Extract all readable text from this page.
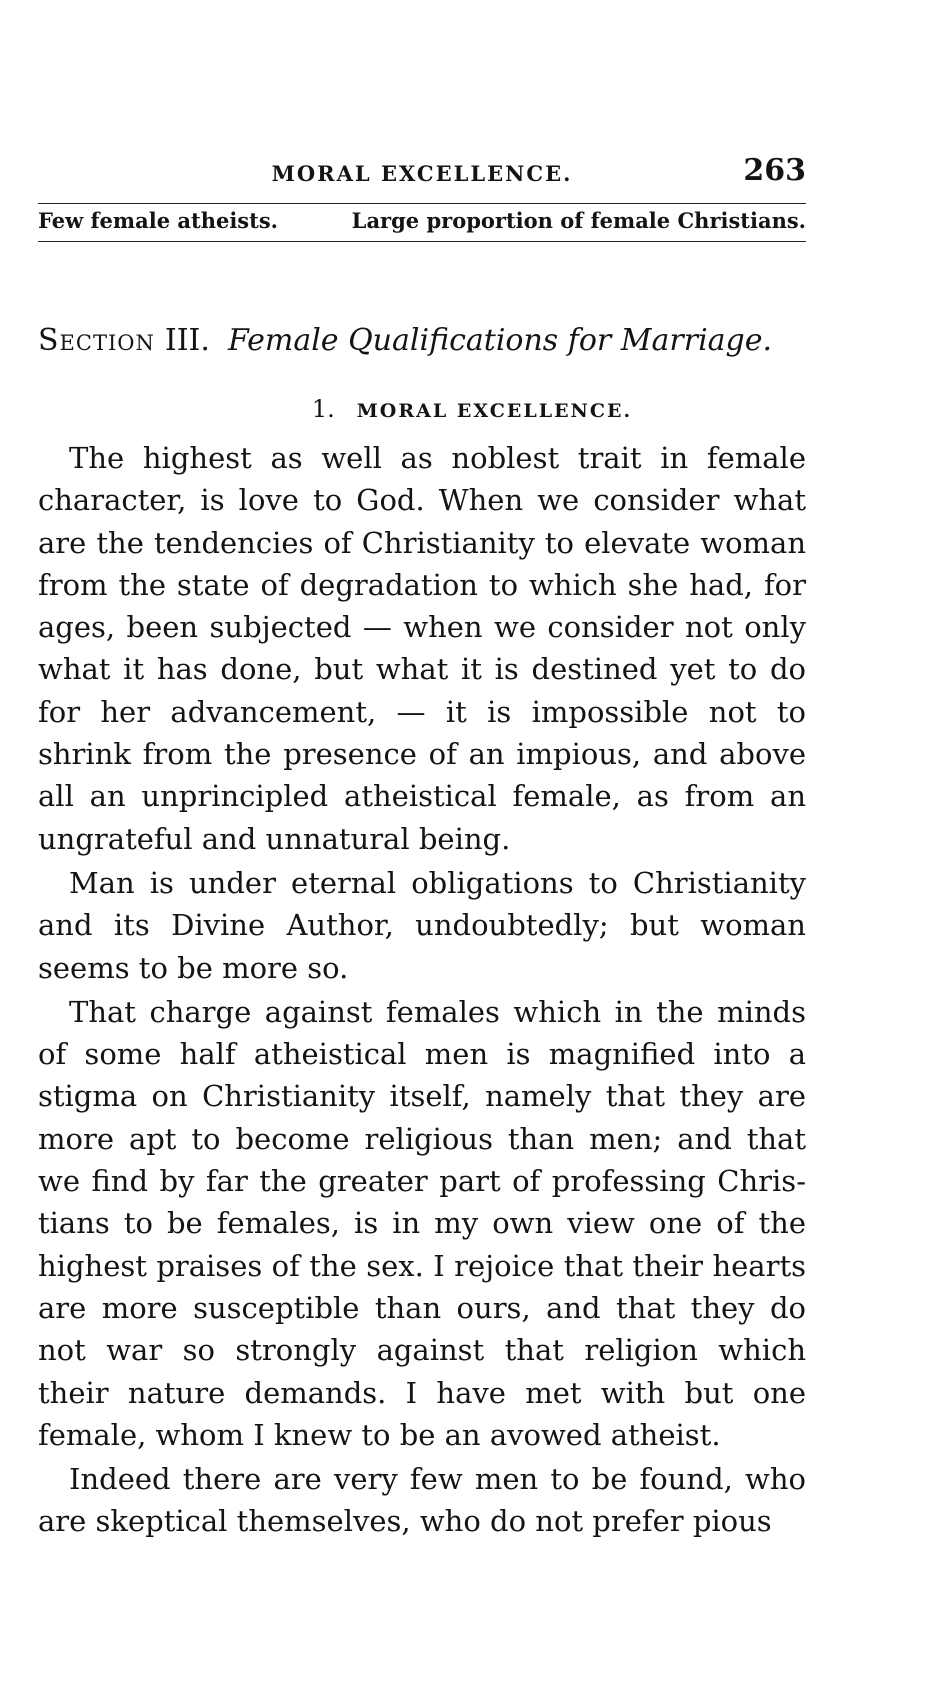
MORAL EXCELLENCE.	263
Few female atheists.	Large proportion of female Christians.
Section III. Female Qualifications for Marriage.
1. MORAL EXCELLENCE.

The highest as well as noblest trait in female character, is love to God. When we consider what are the tendencies of Christianity to elevate woman from the state of degradation to which she had, for ages, been subjected — when we consider not only what it has done, but what it is destined yet to do for her advancement, — it is impossible not to shrink from the presence of an impious, and above all an unprincipled atheistical female, as from an ungrateful and unnatural being.

Man is under eternal obligations to Christianity and its Divine Author, undoubtedly; but woman seems to be more so.

That charge against females which in the minds of some half atheistical men is magnified into a stigma on Christianity itself, namely that they are more apt to become religious than men; and that we find by far the greater part of professing Christians to be females, is in my own view one of the highest praises of the sex. I rejoice that their hearts are more susceptible than ours, and that they do not war so strongly against that religion which their nature demands. I have met with but one female, whom I knew to be an avowed atheist.

Indeed there are very few men to be found, who are skeptical themselves, who do not prefer pious
